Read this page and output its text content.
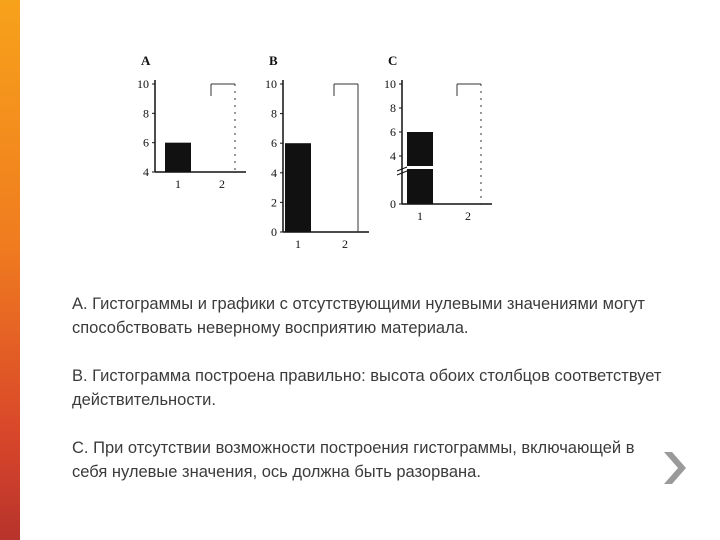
A
4
6
8
10
1	2
B
0
2
4
6
8
10
1	2
C
0
4
6
8
10
1	2

A. Гистограммы и графики с отсутствующими нулевыми значениями могут способствовать неверному восприятию материала.

B. Гистограмма построена правильно: высота обоих столбцов соответствует действительности.

C. При отсутствии возможности построения гистограммы, включающей в себя нулевые значения, ось должна быть разорвана.
